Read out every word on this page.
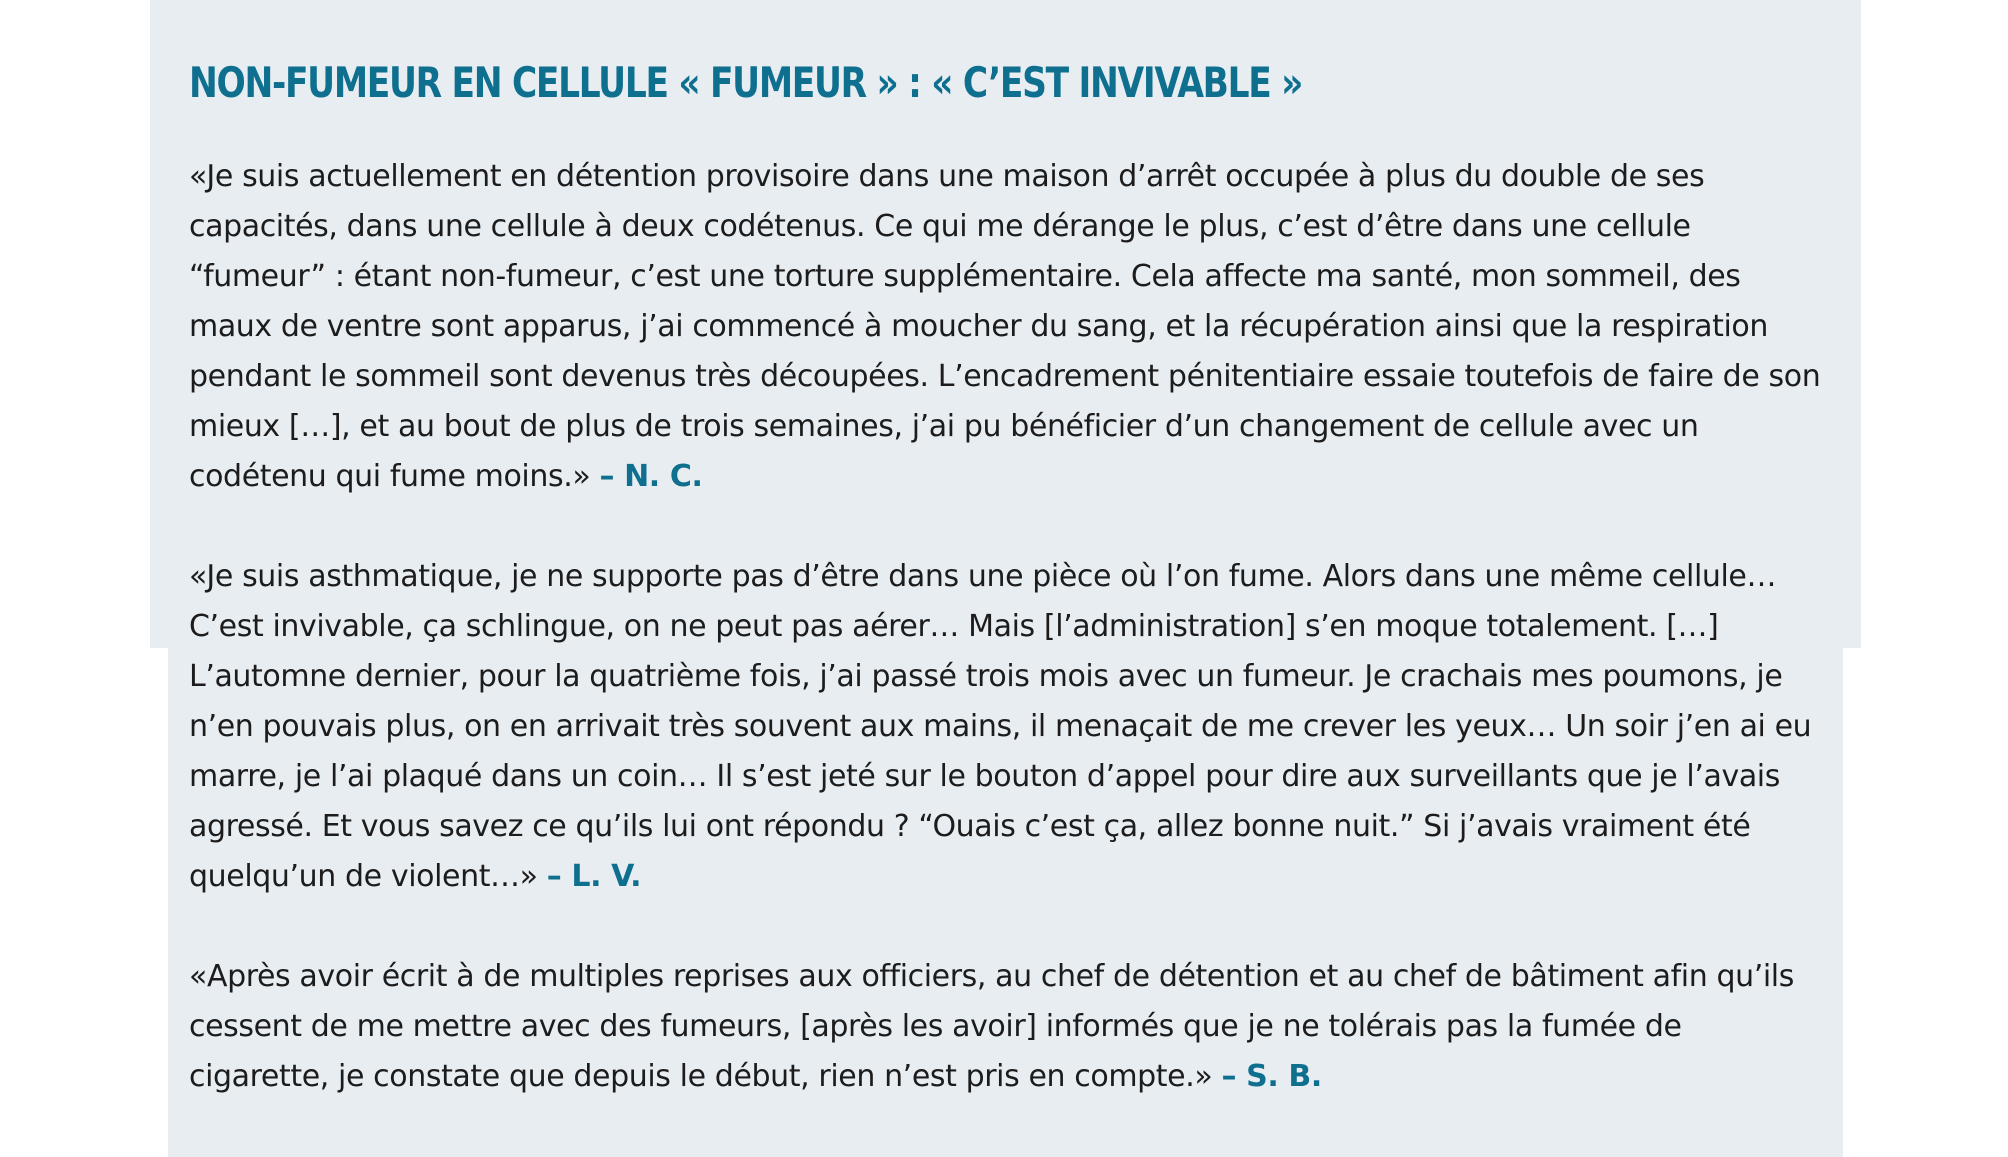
NON-FUMEUR EN CELLULE « FUMEUR » : « C’EST INVIVABLE »

«Je suis actuellement en détention provisoire dans une maison d’arrêt occupée à plus du double de ses capacités, dans une cellule à deux codétenus. Ce qui me dérange le plus, c’est d’être dans une cellule “fumeur” : étant non-fumeur, c’est une torture supplémentaire. Cela affecte ma santé, mon sommeil, des maux de ventre sont apparus, j’ai commencé à moucher du sang, et la récupération ainsi que la respiration pendant le sommeil sont devenus très découpées. L’encadrement pénitentiaire essaie toutefois de faire de son mieux […], et au bout de plus de trois semaines, j’ai pu bénéficier d’un changement de cellule avec un codétenu qui fume moins.» – N. C.

«Je suis asthmatique, je ne supporte pas d’être dans une pièce où l’on fume. Alors dans une même cellule… C’est invivable, ça schlingue, on ne peut pas aérer… Mais [l’administration] s’en moque totalement. […] L’automne dernier, pour la quatrième fois, j’ai passé trois mois avec un fumeur. Je crachais mes poumons, je n’en pouvais plus, on en arrivait très souvent aux mains, il menaçait de me crever les yeux… Un soir j’en ai eu marre, je l’ai plaqué dans un coin… Il s’est jeté sur le bouton d’appel pour dire aux surveillants que je l’avais agressé. Et vous savez ce qu’ils lui ont répondu ? “Ouais c’est ça, allez bonne nuit.” Si j’avais vraiment été quelqu’un de violent…» – L. V.

«Après avoir écrit à de multiples reprises aux officiers, au chef de détention et au chef de bâtiment afin qu’ils cessent de me mettre avec des fumeurs, [après les avoir] informés que je ne tolérais pas la fumée de cigarette, je constate que depuis le début, rien n’est pris en compte.» – S. B.
